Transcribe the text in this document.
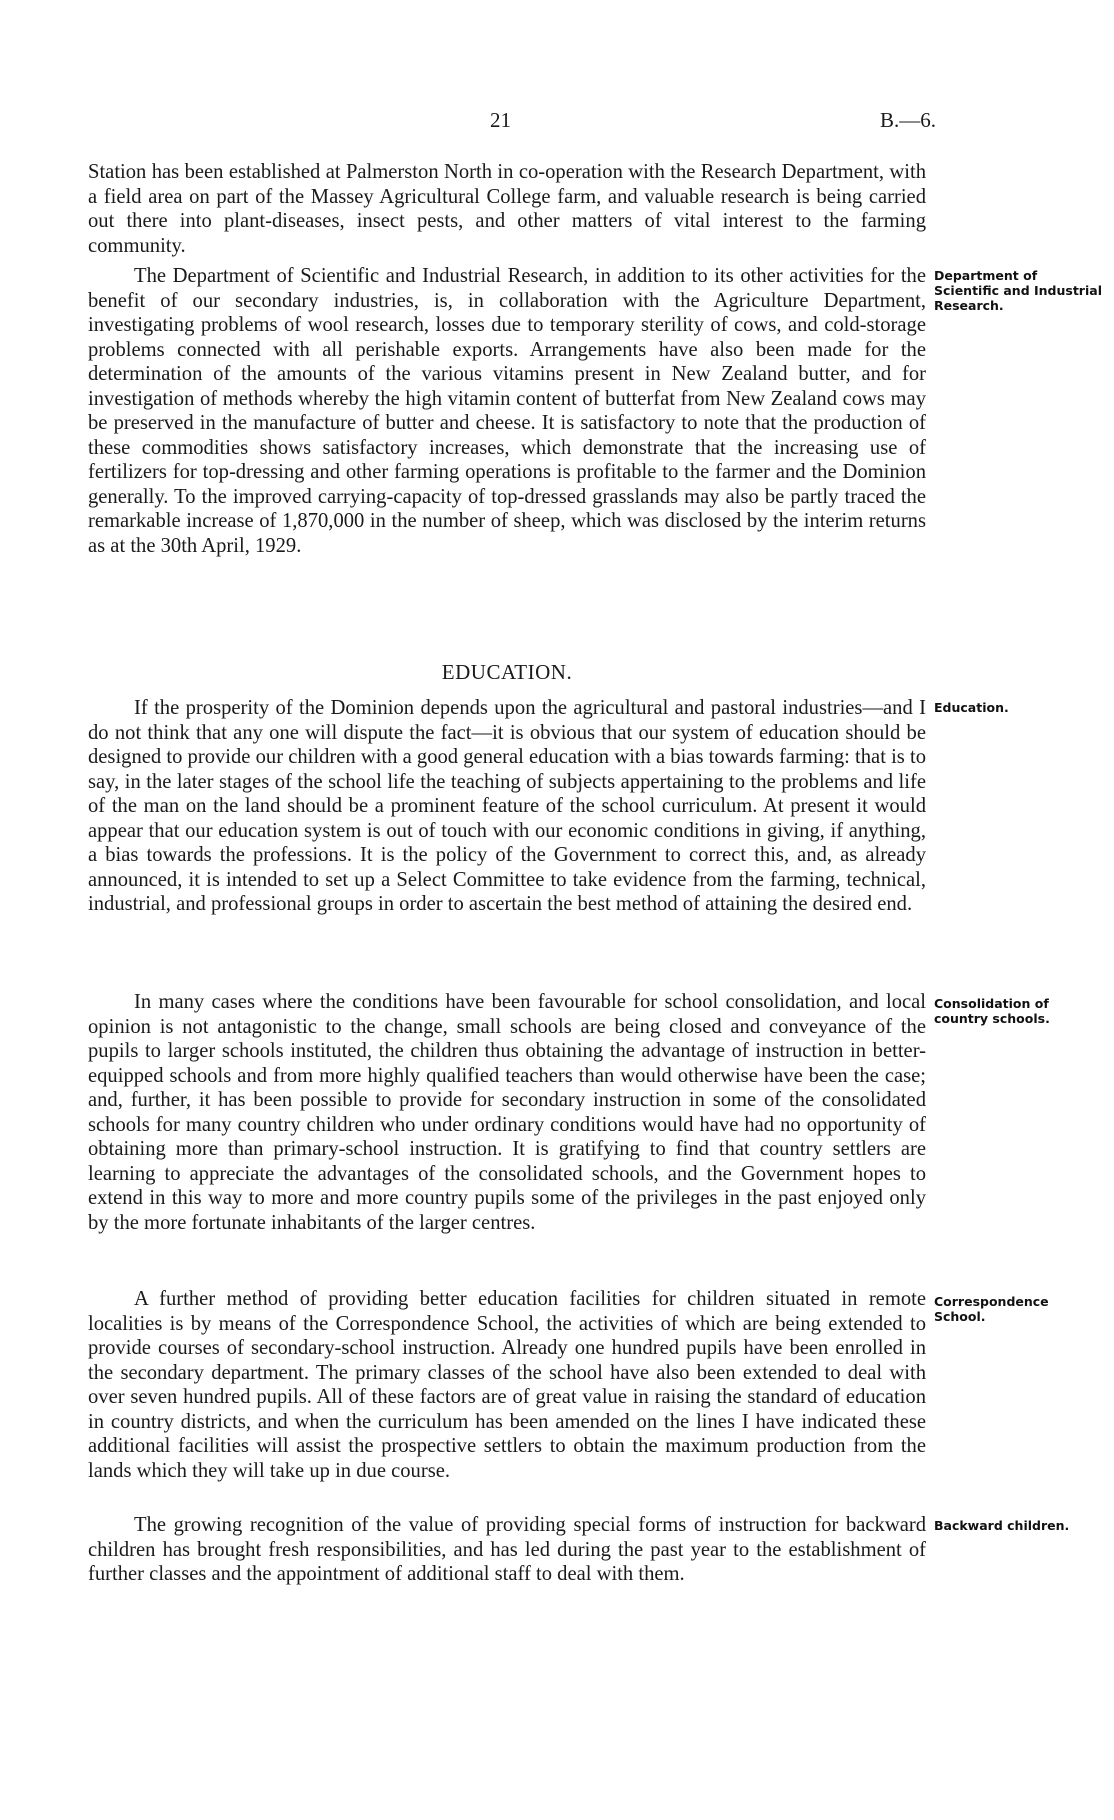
21	B.—6.

Station has been established at Palmerston North in co-operation with the Research Department, with a field area on part of the Massey Agricultural College farm, and valuable research is being carried out there into plant-diseases, insect pests, and other matters of vital interest to the farming community.

The Department of Scientific and Industrial Research, in addition to its other activities for the benefit of our secondary industries, is, in collaboration with the Agriculture Department, investigating problems of wool research, losses due to temporary sterility of cows, and cold-storage problems connected with all perishable exports. Arrangements have also been made for the determination of the amounts of the various vitamins present in New Zealand butter, and for investigation of methods whereby the high vitamin content of butterfat from New Zealand cows may be preserved in the manufacture of butter and cheese. It is satisfactory to note that the production of these commodities shows satisfactory increases, which demonstrate that the increasing use of fertilizers for top-dressing and other farming operations is profitable to the farmer and the Dominion generally. To the improved carrying-capacity of top-dressed grasslands may also be partly traced the remarkable increase of 1,870,000 in the number of sheep, which was disclosed by the interim returns as at the 30th April, 1929.

Department of Scientific and Industrial Research.
EDUCATION.

If the prosperity of the Dominion depends upon the agricultural and pastoral industries—and I do not think that any one will dispute the fact—it is obvious that our system of education should be designed to provide our children with a good general education with a bias towards farming: that is to say, in the later stages of the school life the teaching of subjects appertaining to the problems and life of the man on the land should be a prominent feature of the school curriculum. At present it would appear that our education system is out of touch with our economic conditions in giving, if anything, a bias towards the professions. It is the policy of the Government to correct this, and, as already announced, it is intended to set up a Select Committee to take evidence from the farming, technical, industrial, and professional groups in order to ascertain the best method of attaining the desired end.

Education.

In many cases where the conditions have been favourable for school consolidation, and local opinion is not antagonistic to the change, small schools are being closed and conveyance of the pupils to larger schools instituted, the children thus obtaining the advantage of instruction in better-equipped schools and from more highly qualified teachers than would otherwise have been the case; and, further, it has been possible to provide for secondary instruction in some of the consolidated schools for many country children who under ordinary conditions would have had no opportunity of obtaining more than primary-school instruction. It is gratifying to find that country settlers are learning to appreciate the advantages of the consolidated schools, and the Government hopes to extend in this way to more and more country pupils some of the privileges in the past enjoyed only by the more fortunate inhabitants of the larger centres.

Consolidation of country schools.

A further method of providing better education facilities for children situated in remote localities is by means of the Correspondence School, the activities of which are being extended to provide courses of secondary-school instruction. Already one hundred pupils have been enrolled in the secondary department. The primary classes of the school have also been extended to deal with over seven hundred pupils. All of these factors are of great value in raising the standard of education in country districts, and when the curriculum has been amended on the lines I have indicated these additional facilities will assist the prospective settlers to obtain the maximum production from the lands which they will take up in due course.

Correspondence School.

The growing recognition of the value of providing special forms of instruction for backward children has brought fresh responsibilities, and has led during the past year to the establishment of further classes and the appointment of additional staff to deal with them.

Backward children.
